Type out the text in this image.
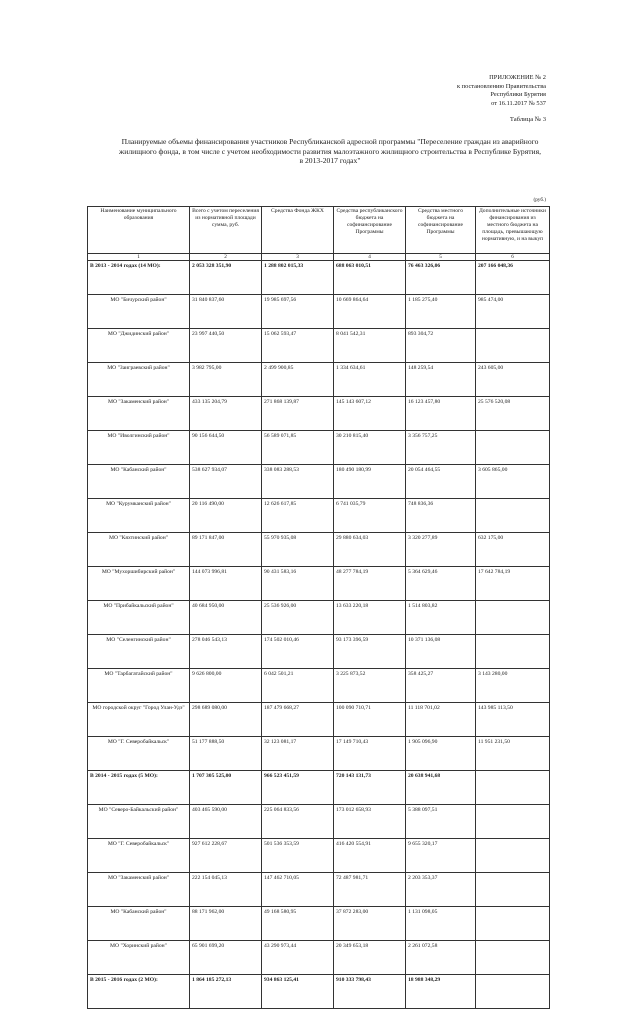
ПРИЛОЖЕНИЕ № 2
к постановлению Правительства
Республики Бурятия
от 16.11.2017 № 537
Таблица № 3
Планируемые объемы финансирования участников Республиканской адресной программы "Переселение граждан из аварийного жилищного фонда, в том числе с учетом необходимости развития малоэтажного жилищного строительства в Республике Бурятия, в 2013-2017 годах"
(руб.)
Наименование муниципального образования	Всего с учетом переселения из нормативной площади сумма, руб.	Средства Фонда ЖКХ	Средства республиканского бюджета на софинансирование Программы	Средства местного бюджета на софинансирование Программы	Дополнительные источники финансирования из местного бюджета на площадь, превышающую нормативную, и на выкуп
1	2	3	4	5	6
В 2013 - 2014 годах (14 МО):	2 053 328 351,90	1 288 802 015,33	688 063 010,51	76 463 326,06	207 166 048,36
МО "Бичурский район"	31 840 837,60	19 985 697,56	10 669 864,64	1 185 275,40	985 474,00
МО "Джидинский район"	23 997 440,50	15 062 593,47	8 041 542,31	893 304,72	
МО "Заиграевский район"	3 982 795,00	2 499 900,85	1 334 634,61	148 259,54	243 605,00
МО "Закаменский район"	433 135 204,79	271 868 139,87	145 143 607,12	16 123 457,80	25 576 520,08
МО "Иволгинский район"	90 156 644,50	56 589 071,85	30 210 815,40	3 356 757,25	
МО "Кабанский район"	538 627 934,07	338 083 288,53	180 490 180,99	20 054 464,55	3 605 865,00
МО "Курумканский район"	20 116 490,00	12 626 617,85	6 741 035,79	748 836,36	
МО "Кяхтинский район"	89 171 847,00	55 970 935,08	29 880 634,03	3 320 277,89	632 175,00
МО "Мухоршибирский район"	144 073 996,81	90 431 583,16	48 277 784,19	5 364 629,46	17 642 784,19
МО "Прибайкальский район"	40 684 950,00	25 536 926,00	13 633 220,18	1 514 803,82	
МО "Селенгинский район"	278 046 543,13	174 502 010,46	93 173 396,59	10 371 136,08	
МО "Тарбагатайский район"	9 626 800,00	6 042 501,21	3 225 873,52	358 425,27	3 143 280,00
МО городской округ "Город Улан-Удэ"	298 689 080,00	187 479 668,27	100 090 710,71	11 118 701,02	143 985 113,50
МО "Г. Северобайкальск"	51 177 888,50	32 123 081,17	17 149 710,43	1 905 096,90	11 951 231,50
В 2014 - 2015 годах (5 МО):	1 707 305 525,00	966 523 451,59	720 143 131,73	20 638 941,68	
МО "Северо-Байкальский район"	403 465 590,00	225 064 833,56	173 012 658,93	5 388 097,51	
МО "Г. Северобайкальск"	927 612 228,67	501 536 353,59	416 420 554,91	9 655 320,17	
МО "Закаменский район"	222 154 045,13	147 462 710,05	72 487 981,71	2 203 353,37	
МО "Кабанский район"	88 171 962,00	49 168 580,95	37 872 283,00	1 131 098,05	
МО "Хоринский район"	65 901 699,20	43 290 973,44	20 349 653,18	2 261 072,58	
В 2015 - 2016 годах (2 МО):	1 864 185 272,13	934 863 125,41	910 333 798,43	18 988 348,29	
